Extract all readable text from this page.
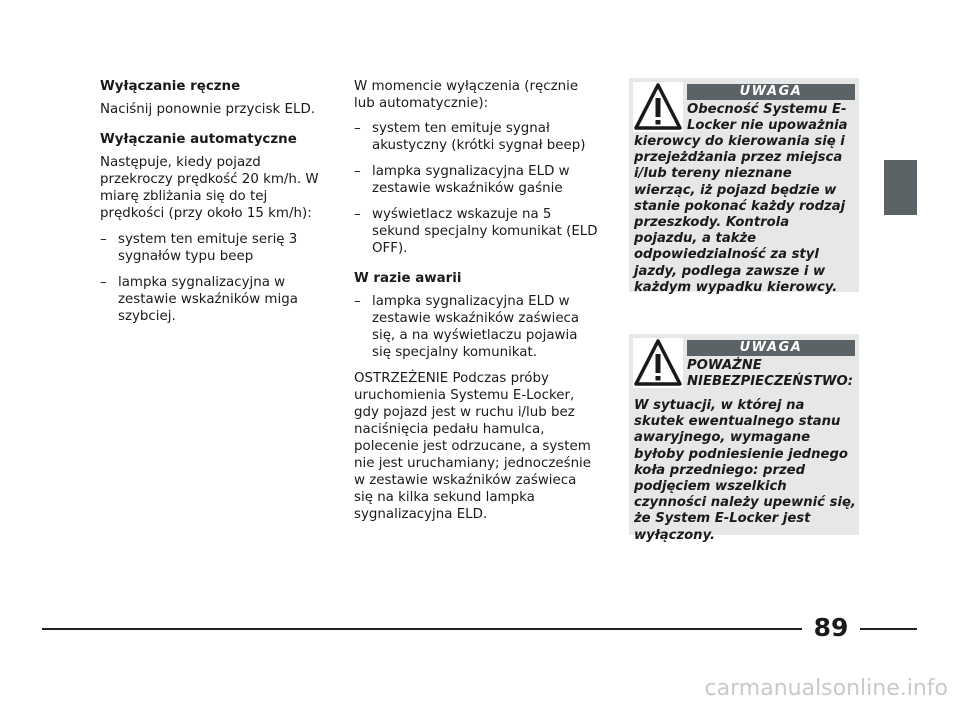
Wyłączanie ręczne
Naciśnij ponownie przycisk ELD.
Wyłączanie automatyczne
Następuje, kiedy pojazd przekroczy prędkość 20 km/h. W miarę zbliżania się do tej prędkości (przy około 15 km/h):
– system ten emituje serię 3 sygnałów typu beep
– lampka sygnalizacyjna w zestawie wskaźników miga szybciej.
W momencie wyłączenia (ręcznie lub automatycznie):
– system ten emituje sygnał akustyczny (krótki sygnał beep)
– lampka sygnalizacyjna ELD w zestawie wskaźników gaśnie
– wyświetlacz wskazuje na 5 sekund specjalny komunikat (ELD OFF).
W razie awarii
– lampka sygnalizacyjna ELD w zestawie wskaźników zaświeca się, a na wyświetlaczu pojawia się specjalny komunikat.
OSTRZEŻENIE Podczas próby uruchomienia Systemu E-Locker, gdy pojazd jest w ruchu i/lub bez naciśnięcia pedału hamulca, polecenie jest odrzucane, a system nie jest uruchamiany; jednocześnie w zestawie wskaźników zaświeca się na kilka sekund lampka sygnalizacyjna ELD.
UWAGA
Obecność Systemu E-Locker nie upoważnia
kierowcy do kierowania się i przejeżdżania przez miejsca i/lub tereny nieznane wierząc, iż pojazd będzie w stanie pokonać każdy rodzaj przeszkody. Kontrola pojazdu, a także odpowiedzialność za styl jazdy, podlega zawsze i w każdym wypadku kierowcy.
UWAGA
POWAŻNE NIEBEZPIECZEŃSTWO:
W sytuacji, w której na skutek ewentualnego stanu awaryjnego, wymagane byłoby podniesienie jednego koła przedniego: przed podjęciem wszelkich czynności należy upewnić się, że System E-Locker jest wyłączony.
89
carmanualsonline.info
